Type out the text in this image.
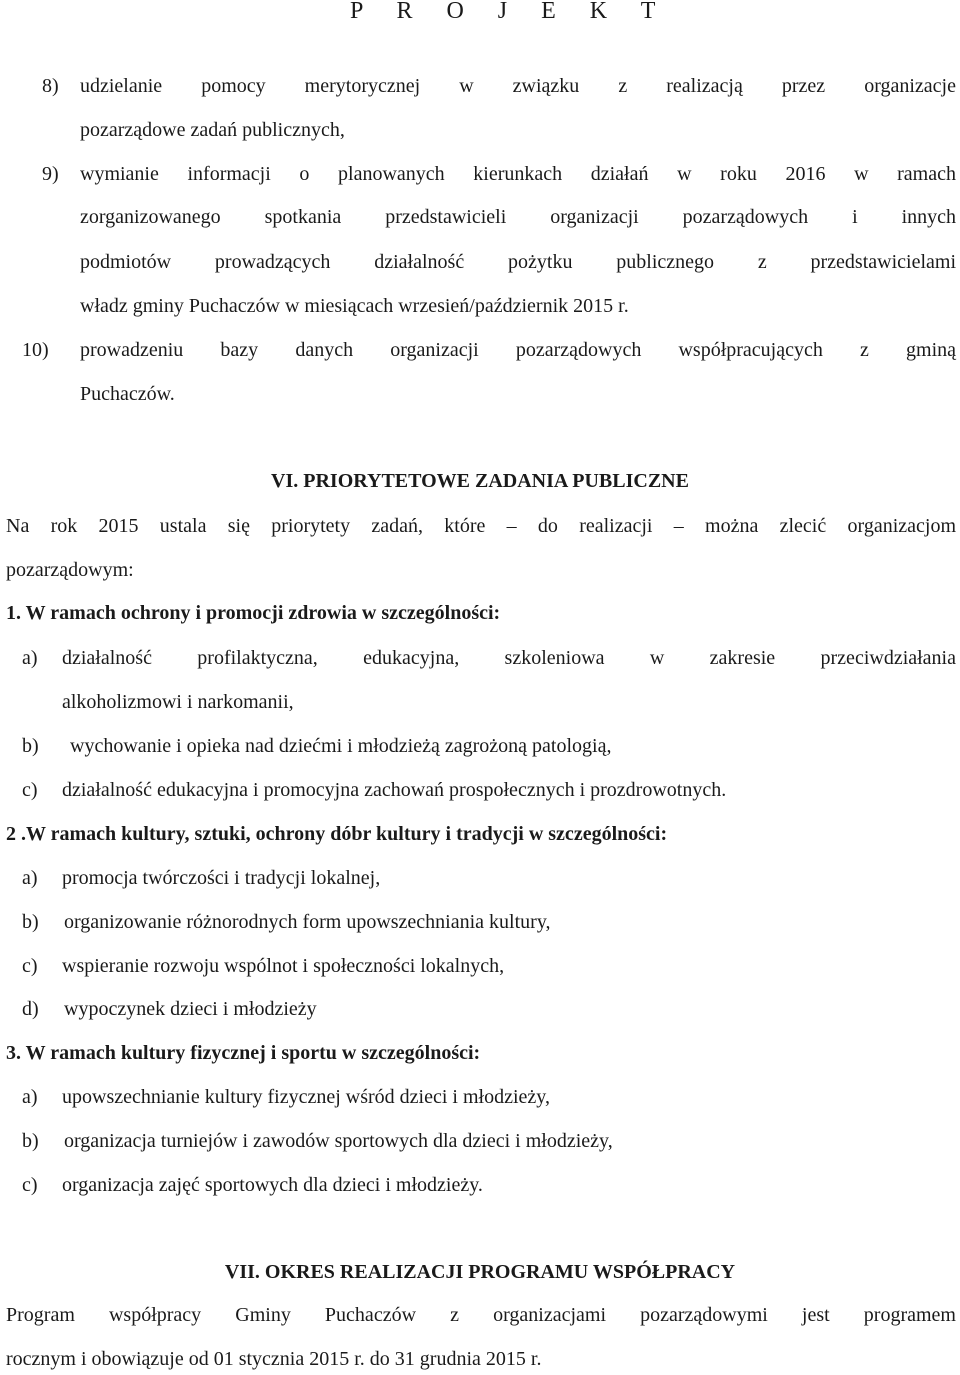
P R O J E K T
8) udzielanie pomocy merytorycznej w związku z realizacją przez organizacje
pozarządowe zadań publicznych,
9) wymianie informacji o planowanych kierunkach działań w roku 2016 w ramach
zorganizowanego spotkania przedstawicieli organizacji pozarządowych i innych
podmiotów prowadzących działalność pożytku publicznego z przedstawicielami
władz gminy Puchaczów w miesiącach wrzesień/październik 2015 r.
10) prowadzeniu bazy danych organizacji pozarządowych współpracujących z gminą
Puchaczów.
VI. PRIORYTETOWE ZADANIA PUBLICZNE
Na rok 2015 ustala się priorytety zadań, które – do realizacji – można zlecić organizacjom
pozarządowym:
1. W ramach ochrony i promocji zdrowia w szczególności:
a) działalność profilaktyczna, edukacyjna, szkoleniowa w zakresie przeciwdziałania
alkoholizmowi i narkomanii,
b) wychowanie i opieka nad dziećmi i młodzieżą zagrożoną patologią,
c) działalność edukacyjna i promocyjna zachowań prospołecznych i prozdrowotnych.
2 .W ramach kultury, sztuki, ochrony dóbr kultury i tradycji w szczególności:
a) promocja twórczości i tradycji lokalnej,
b) organizowanie różnorodnych form upowszechniania kultury,
c) wspieranie rozwoju wspólnot i społeczności lokalnych,
d) wypoczynek dzieci i młodzieży
3. W ramach kultury fizycznej i sportu w szczególności:
a) upowszechnianie kultury fizycznej wśród dzieci i młodzieży,
b) organizacja turniejów i zawodów sportowych dla dzieci i młodzieży,
c) organizacja zajęć sportowych dla dzieci i młodzieży.
VII. OKRES REALIZACJI PROGRAMU WSPÓŁPRACY
Program współpracy Gminy Puchaczów z organizacjami pozarządowymi jest programem
rocznym i obowiązuje od 01 stycznia 2015 r. do 31 grudnia 2015 r.
